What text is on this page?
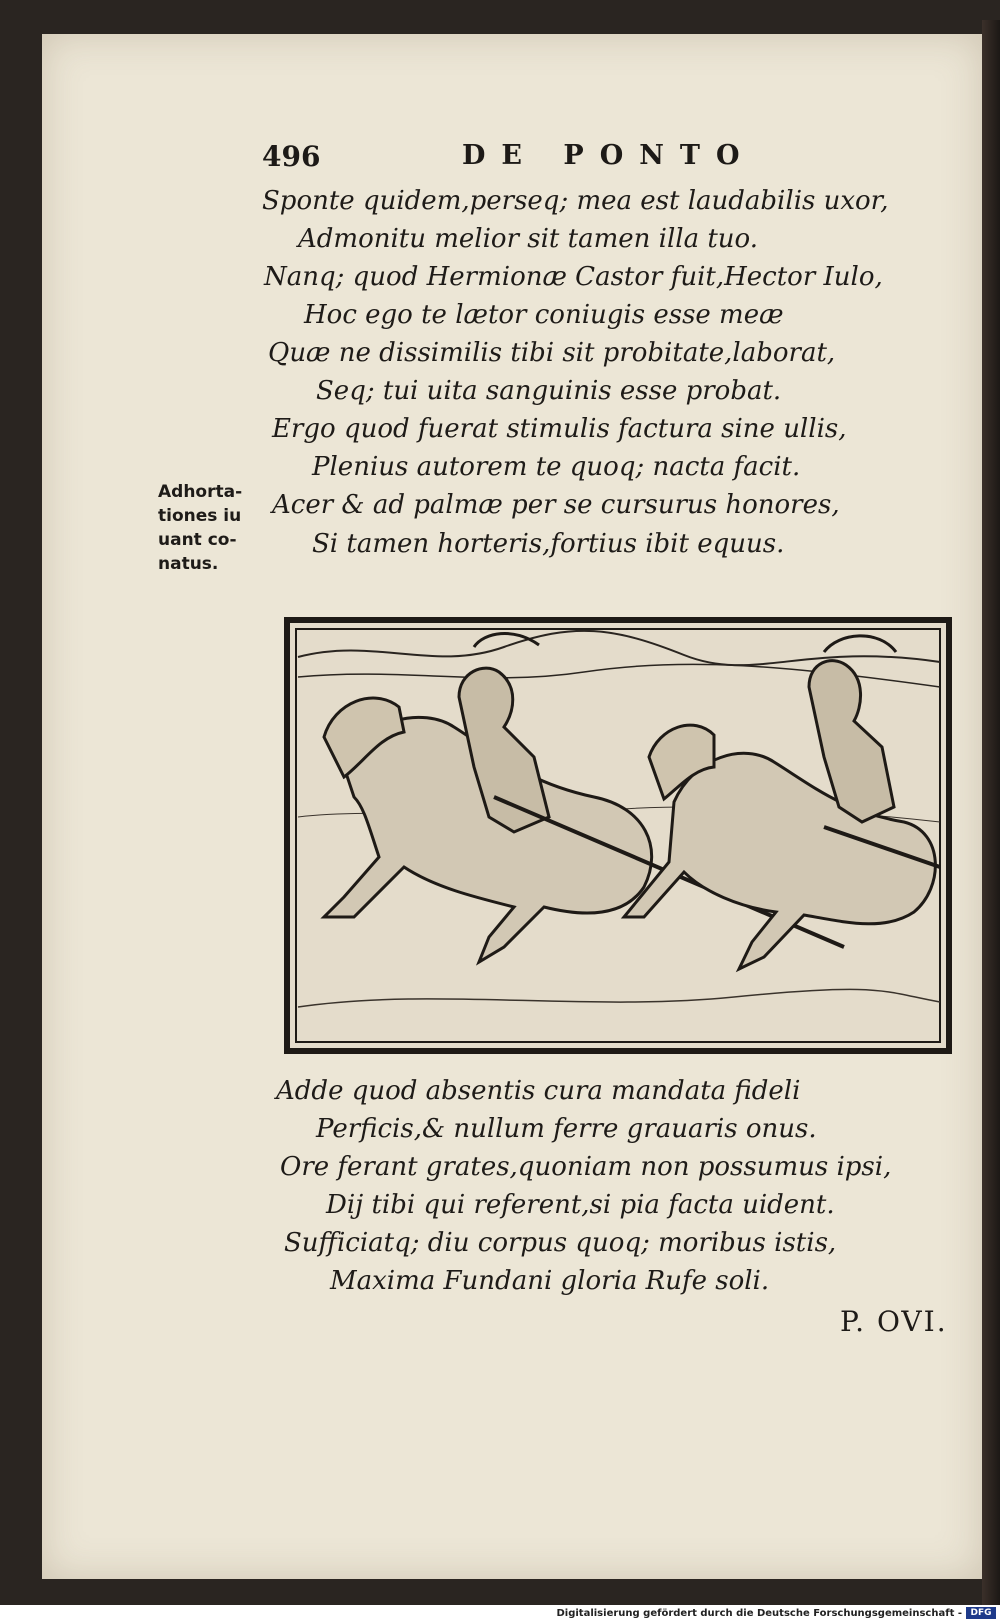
496	DE PONTO
Sponte quidem,perseq; mea est laudabilis uxor,
Admonitu melior sit tamen illa tuo.
Nanq; quod Hermionæ Castor fuit,Hector Iulo,
Hoc ego te lætor coniugis esse meæ
Quæ ne dissimilis tibi sit probitate,laborat,
Seq; tui uita sanguinis esse probat.
Ergo quod fuerat stimulis factura sine ullis,
Plenius autorem te quoq; nacta facit.
Acer & ad palmæ per se cursurus honores,
Si tamen horteris,fortius ibit equus.
Adhorta-
tiones iu
uant co-
natus.
Adde quod absentis cura mandata fideli
Perficis,& nullum ferre grauaris onus.
Ore ferant grates,quoniam non possumus ipsi,
Dij tibi qui referent,si pia facta uident.
Sufficiatq; diu corpus quoq; moribus istis,
Maxima Fundani gloria Rufe soli.
P. OVI.
Digitalisierung gefördert durch die Deutsche Forschungsgemeinschaft - DFG
